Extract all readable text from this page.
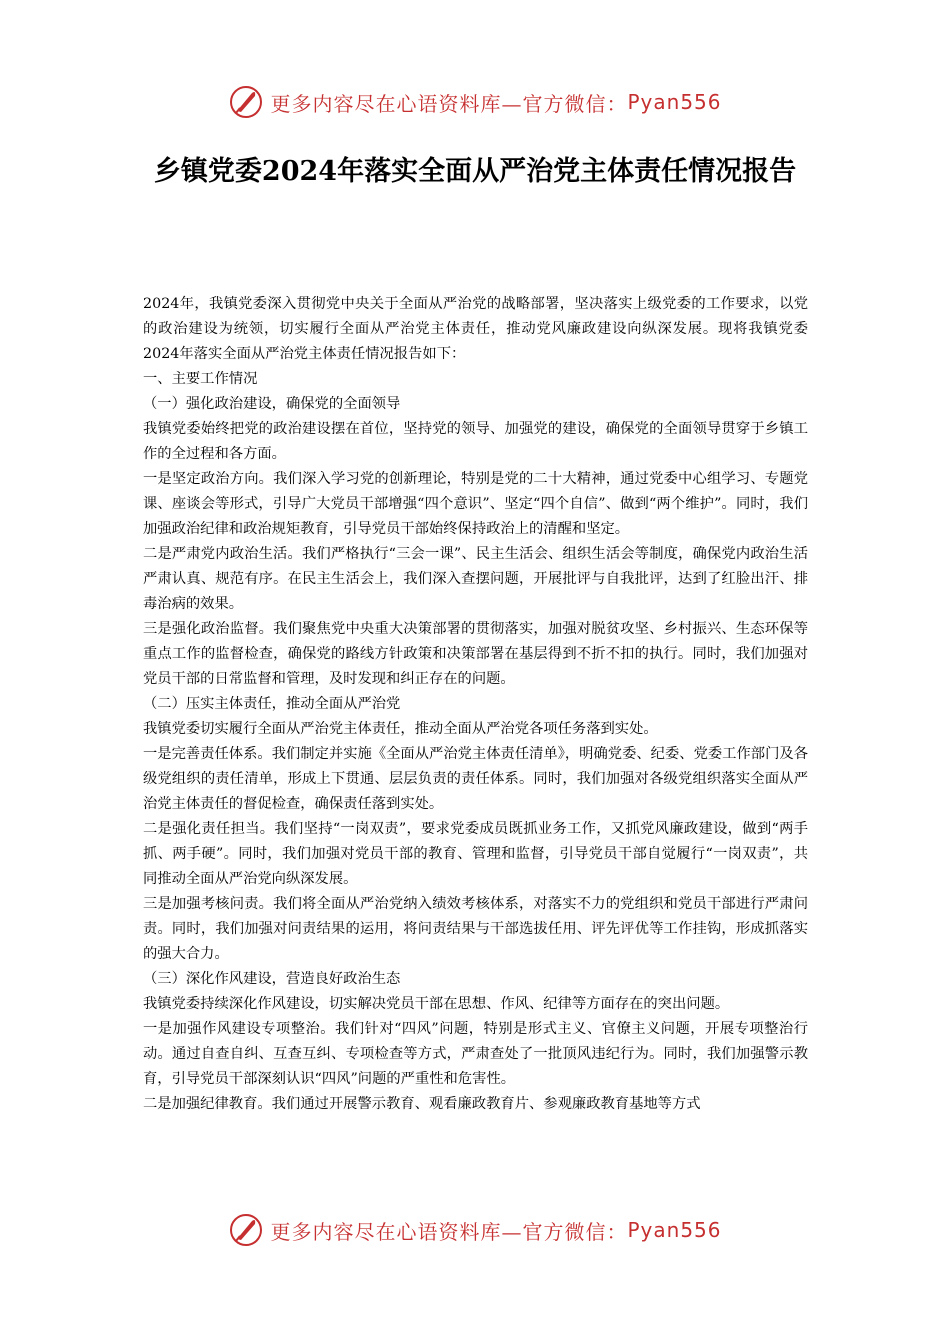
更多内容尽在心语资料库—官方微信： Pyan556
乡镇党委2024年落实全面从严治党主体责任情况报告

2024年，我镇党委深入贯彻党中央关于全面从严治党的战略部署，坚决落实上级党委的工作要求，以党的政治建设为统领，切实履行全面从严治党主体责任，推动党风廉政建设向纵深发展。现将我镇党委2024年落实全面从严治党主体责任情况报告如下：

一、主要工作情况

（一）强化政治建设，确保党的全面领导

我镇党委始终把党的政治建设摆在首位，坚持党的领导、加强党的建设，确保党的全面领导贯穿于乡镇工作的全过程和各方面。

一是坚定政治方向。我们深入学习党的创新理论，特别是党的二十大精神，通过党委中心组学习、专题党课、座谈会等形式，引导广大党员干部增强“四个意识”、坚定“四个自信”、做到“两个维护”。同时，我们加强政治纪律和政治规矩教育，引导党员干部始终保持政治上的清醒和坚定。

二是严肃党内政治生活。我们严格执行“三会一课”、民主生活会、组织生活会等制度，确保党内政治生活严肃认真、规范有序。在民主生活会上，我们深入查摆问题，开展批评与自我批评，达到了红脸出汗、排毒治病的效果。

三是强化政治监督。我们聚焦党中央重大决策部署的贯彻落实，加强对脱贫攻坚、乡村振兴、生态环保等重点工作的监督检查，确保党的路线方针政策和决策部署在基层得到不折不扣的执行。同时，我们加强对党员干部的日常监督和管理，及时发现和纠正存在的问题。

（二）压实主体责任，推动全面从严治党

我镇党委切实履行全面从严治党主体责任，推动全面从严治党各项任务落到实处。

一是完善责任体系。我们制定并实施《全面从严治党主体责任清单》，明确党委、纪委、党委工作部门及各级党组织的责任清单，形成上下贯通、层层负责的责任体系。同时，我们加强对各级党组织落实全面从严治党主体责任的督促检查，确保责任落到实处。

二是强化责任担当。我们坚持“一岗双责”，要求党委成员既抓业务工作，又抓党风廉政建设，做到“两手抓、两手硬”。同时，我们加强对党员干部的教育、管理和监督，引导党员干部自觉履行“一岗双责”，共同推动全面从严治党向纵深发展。

三是加强考核问责。我们将全面从严治党纳入绩效考核体系，对落实不力的党组织和党员干部进行严肃问责。同时，我们加强对问责结果的运用，将问责结果与干部选拔任用、评先评优等工作挂钩，形成抓落实的强大合力。

（三）深化作风建设，营造良好政治生态

我镇党委持续深化作风建设，切实解决党员干部在思想、作风、纪律等方面存在的突出问题。

一是加强作风建设专项整治。我们针对“四风”问题，特别是形式主义、官僚主义问题，开展专项整治行动。通过自查自纠、互查互纠、专项检查等方式，严肃查处了一批顶风违纪行为。同时，我们加强警示教育，引导党员干部深刻认识“四风”问题的严重性和危害性。

二是加强纪律教育。我们通过开展警示教育、观看廉政教育片、参观廉政教育基地等方式

更多内容尽在心语资料库—官方微信： Pyan556
